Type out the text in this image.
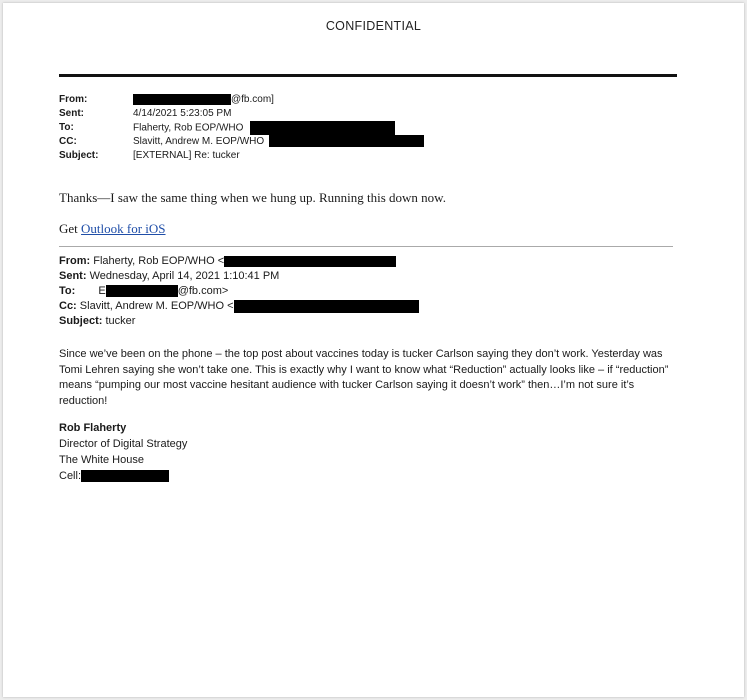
CONFIDENTIAL
From:	@fb.com]
Sent:	4/14/2021 5:23:05 PM
To:	Flaherty, Rob EOP/WHO
CC:	Slavitt, Andrew M. EOP/WHO
Subject:	[EXTERNAL] Re: tucker
Thanks—I saw the same thing when we hung up. Running this down now.
Get Outlook for iOS
From: Flaherty, Rob EOP/WHO <
Sent: Wednesday, April 14, 2021 1:10:41 PM
To: E	@fb.com>
Cc: Slavitt, Andrew M. EOP/WHO <
Subject: tucker
Since we’ve been on the phone – the top post about vaccines today is tucker Carlson saying they don’t work. Yesterday was Tomi Lehren saying she won’t take one. This is exactly why I want to know what “Reduction” actually looks like – if “reduction” means “pumping our most vaccine hesitant audience with tucker Carlson saying it doesn’t work” then…I’m not sure it’s reduction!
Rob Flaherty
Director of Digital Strategy
The White House
Cell:
